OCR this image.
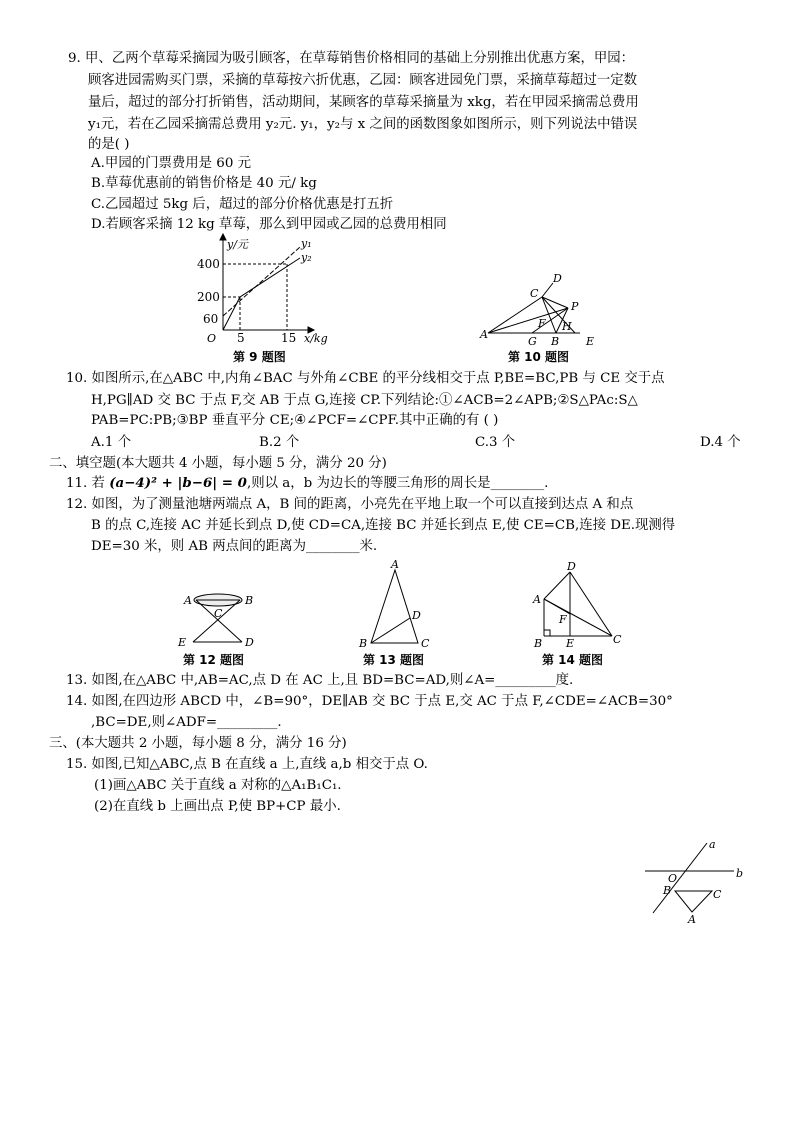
9. 甲、乙两个草莓采摘园为吸引顾客，在草莓销售价格相同的基础上分别推出优惠方案，甲园：
顾客进园需购买门票，采摘的草莓按六折优惠，乙园：顾客进园免门票，采摘草莓超过一定数
量后，超过的部分打折销售，活动期间，某顾客的草莓采摘量为 xkg，若在甲园采摘需总费用
y₁元，若在乙园采摘需总费用 y₂元. y₁，y₂与 x 之间的函数图象如图所示，则下列说法中错误
的是( )
A.甲园的门票费用是 60 元
B.草莓优惠前的销售价格是 40 元/ kg
C.乙园超过 5kg 后，超过的部分价格优惠是打五折
D.若顾客采摘 12 kg 草莓，那么到甲园或乙园的总费用相同
y/元
400
200
60
O 5	15 x/kg
y₁
y₂
第 9 题图
D
C
P
F H
A
G B E
第 10 题图
10. 如图所示,在△ABC 中,内角∠BAC 与外角∠CBE 的平分线相交于点 P,BE=BC,PB 与 CE 交于点
H,PG∥AD 交 BC 于点 F,交 AB 于点 G,连接 CP.下列结论:①∠ACB=2∠APB;②S△PAc:S△
PAB=PC:PB;③BP 垂直平分 CE;④∠PCF=∠CPF.其中正确的有 ( )
A.1 个	B.2 个	C.3 个	D.4 个
二、填空题(本大题共 4 小题，每小题 5 分，满分 20 分)
11. 若 (a−4)² + |b−6| = 0,则以 a，b 为边长的等腰三角形的周长是________.
12. 如图，为了测量池塘两端点 A，B 间的距离，小亮先在平地上取一个可以直接到达点 A 和点
B 的点 C,连接 AC 并延长到点 D,使 CD=CA,连接 BC 并延长到点 E,使 CE=CB,连接 DE.现测得
DE=30 米，则 AB 两点间的距离为________米.
A	B
C
E	D
第 12 题图
A
D
B	C
第 13 题图
D
A
F
B E	C
第 14 题图
13. 如图,在△ABC 中,AB=AC,点 D 在 AC 上,且 BD=BC=AD,则∠A=_________度.
14. 如图,在四边形 ABCD 中，∠B=90°，DE∥AB 交 BC 于点 E,交 AC 于点 F,∠CDE=∠ACB=30°
,BC=DE,则∠ADF=_________.
三、(本大题共 2 小题，每小题 8 分，满分 16 分)
15. 如图,已知△ABC,点 B 在直线 a 上,直线 a,b 相交于点 O.
(1)画△ABC 关于直线 a 对称的△A₁B₁C₁.
(2)在直线 b 上画出点 P,使 BP+CP 最小.
a
b
O
B	C
A
